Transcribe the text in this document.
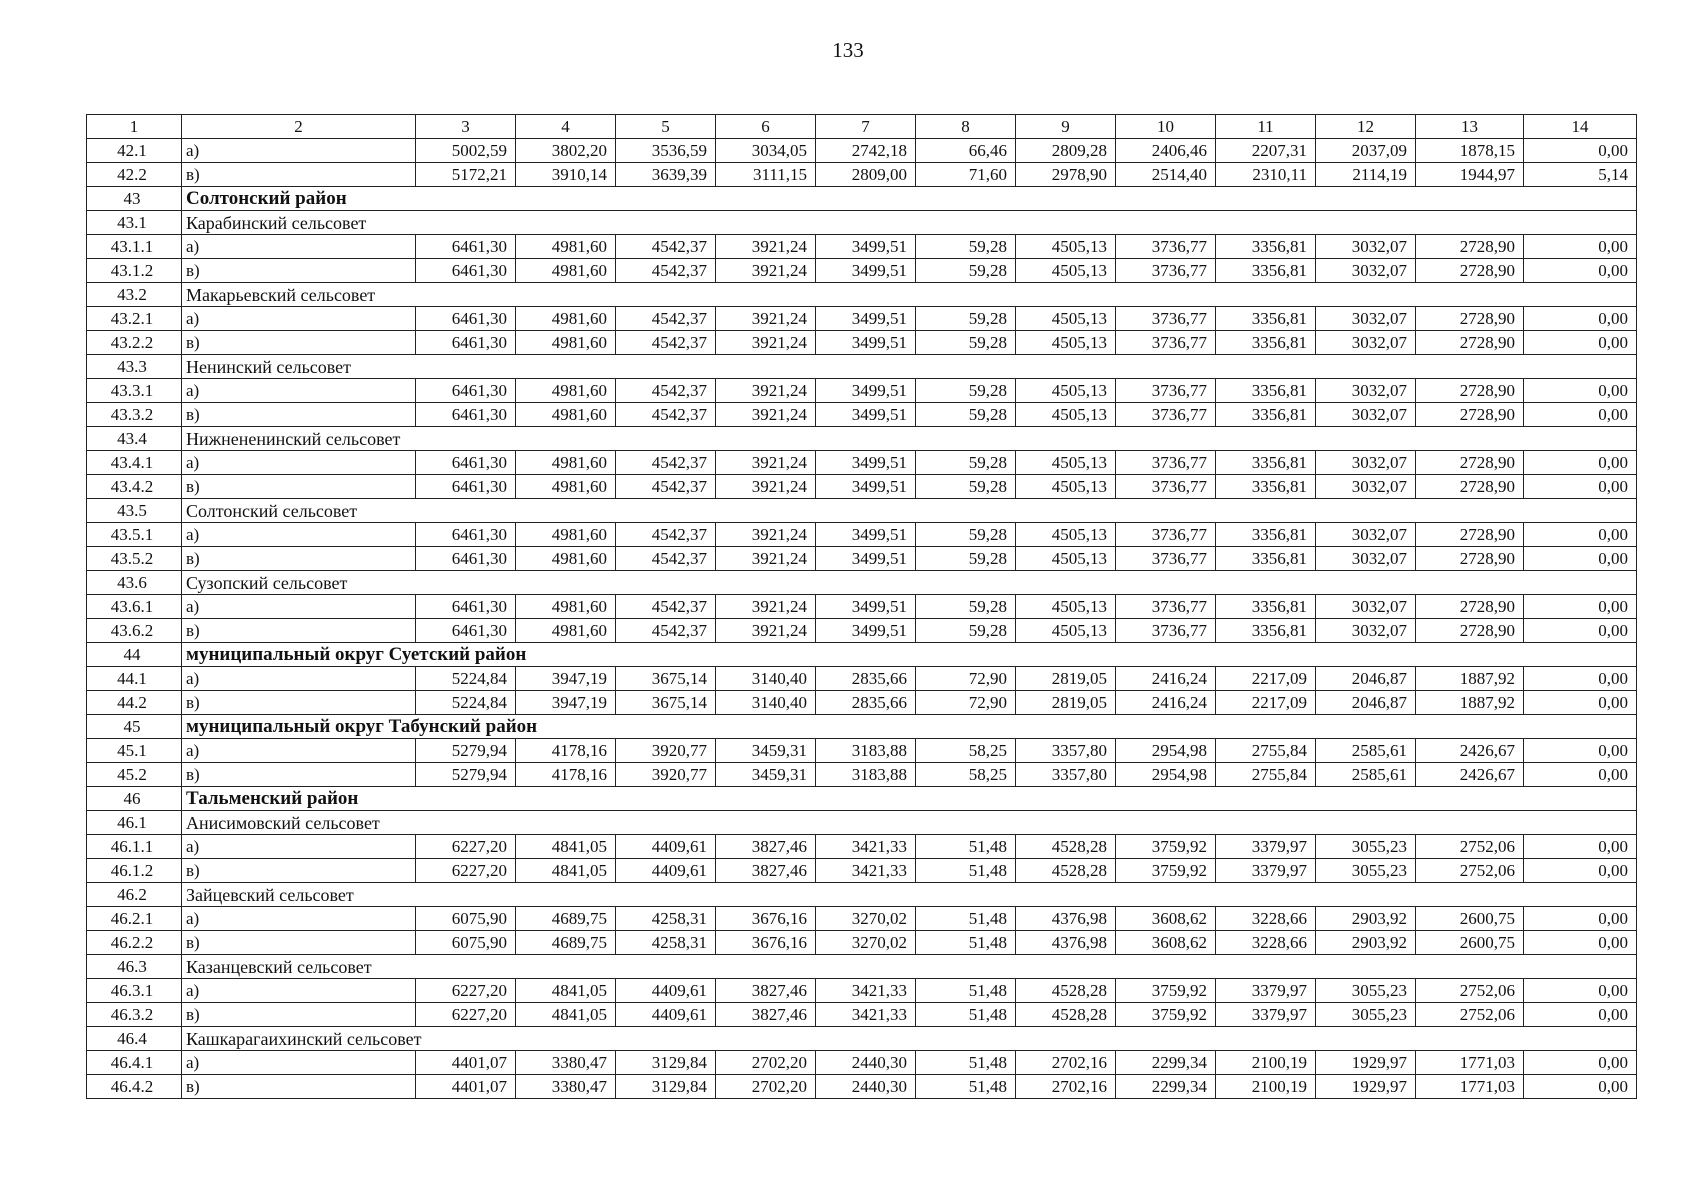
133
1	2	3	4	5	6	7	8	9	10	11	12	13	14
42.1	а)	5002,59	3802,20	3536,59	3034,05	2742,18	66,46	2809,28	2406,46	2207,31	2037,09	1878,15	0,00
42.2	в)	5172,21	3910,14	3639,39	3111,15	2809,00	71,60	2978,90	2514,40	2310,11	2114,19	1944,97	5,14
43	Солтонский район												
43.1	Карабинский сельсовет												
43.1.1	а)	6461,30	4981,60	4542,37	3921,24	3499,51	59,28	4505,13	3736,77	3356,81	3032,07	2728,90	0,00
43.1.2	в)	6461,30	4981,60	4542,37	3921,24	3499,51	59,28	4505,13	3736,77	3356,81	3032,07	2728,90	0,00
43.2	Макарьевский сельсовет												
43.2.1	а)	6461,30	4981,60	4542,37	3921,24	3499,51	59,28	4505,13	3736,77	3356,81	3032,07	2728,90	0,00
43.2.2	в)	6461,30	4981,60	4542,37	3921,24	3499,51	59,28	4505,13	3736,77	3356,81	3032,07	2728,90	0,00
43.3	Ненинский сельсовет												
43.3.1	а)	6461,30	4981,60	4542,37	3921,24	3499,51	59,28	4505,13	3736,77	3356,81	3032,07	2728,90	0,00
43.3.2	в)	6461,30	4981,60	4542,37	3921,24	3499,51	59,28	4505,13	3736,77	3356,81	3032,07	2728,90	0,00
43.4	Нижнененинский сельсовет												
43.4.1	а)	6461,30	4981,60	4542,37	3921,24	3499,51	59,28	4505,13	3736,77	3356,81	3032,07	2728,90	0,00
43.4.2	в)	6461,30	4981,60	4542,37	3921,24	3499,51	59,28	4505,13	3736,77	3356,81	3032,07	2728,90	0,00
43.5	Солтонский сельсовет												
43.5.1	а)	6461,30	4981,60	4542,37	3921,24	3499,51	59,28	4505,13	3736,77	3356,81	3032,07	2728,90	0,00
43.5.2	в)	6461,30	4981,60	4542,37	3921,24	3499,51	59,28	4505,13	3736,77	3356,81	3032,07	2728,90	0,00
43.6	Сузопский сельсовет												
43.6.1	а)	6461,30	4981,60	4542,37	3921,24	3499,51	59,28	4505,13	3736,77	3356,81	3032,07	2728,90	0,00
43.6.2	в)	6461,30	4981,60	4542,37	3921,24	3499,51	59,28	4505,13	3736,77	3356,81	3032,07	2728,90	0,00
44	муниципальный округ Суетский район												
44.1	а)	5224,84	3947,19	3675,14	3140,40	2835,66	72,90	2819,05	2416,24	2217,09	2046,87	1887,92	0,00
44.2	в)	5224,84	3947,19	3675,14	3140,40	2835,66	72,90	2819,05	2416,24	2217,09	2046,87	1887,92	0,00
45	муниципальный округ Табунский район												
45.1	а)	5279,94	4178,16	3920,77	3459,31	3183,88	58,25	3357,80	2954,98	2755,84	2585,61	2426,67	0,00
45.2	в)	5279,94	4178,16	3920,77	3459,31	3183,88	58,25	3357,80	2954,98	2755,84	2585,61	2426,67	0,00
46	Тальменский район												
46.1	Анисимовский сельсовет												
46.1.1	а)	6227,20	4841,05	4409,61	3827,46	3421,33	51,48	4528,28	3759,92	3379,97	3055,23	2752,06	0,00
46.1.2	в)	6227,20	4841,05	4409,61	3827,46	3421,33	51,48	4528,28	3759,92	3379,97	3055,23	2752,06	0,00
46.2	Зайцевский сельсовет												
46.2.1	а)	6075,90	4689,75	4258,31	3676,16	3270,02	51,48	4376,98	3608,62	3228,66	2903,92	2600,75	0,00
46.2.2	в)	6075,90	4689,75	4258,31	3676,16	3270,02	51,48	4376,98	3608,62	3228,66	2903,92	2600,75	0,00
46.3	Казанцевский сельсовет												
46.3.1	а)	6227,20	4841,05	4409,61	3827,46	3421,33	51,48	4528,28	3759,92	3379,97	3055,23	2752,06	0,00
46.3.2	в)	6227,20	4841,05	4409,61	3827,46	3421,33	51,48	4528,28	3759,92	3379,97	3055,23	2752,06	0,00
46.4	Кашкарагаихинский сельсовет												
46.4.1	а)	4401,07	3380,47	3129,84	2702,20	2440,30	51,48	2702,16	2299,34	2100,19	1929,97	1771,03	0,00
46.4.2	в)	4401,07	3380,47	3129,84	2702,20	2440,30	51,48	2702,16	2299,34	2100,19	1929,97	1771,03	0,00
